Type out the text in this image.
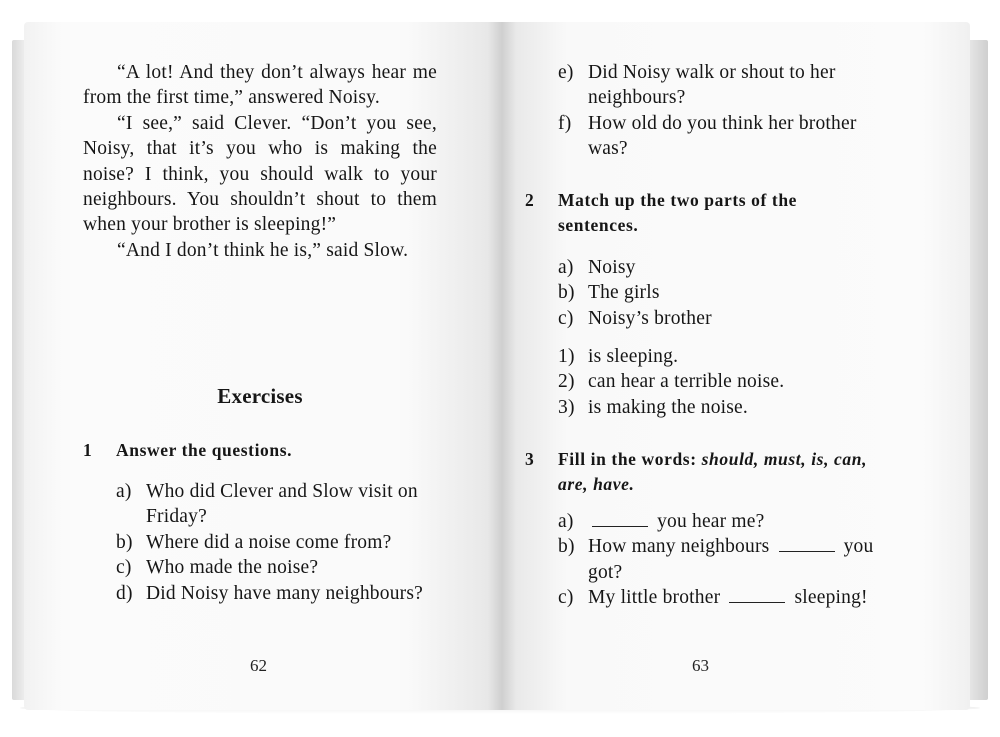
“A lot! And they don’t always hear me from the first time,” answered Noisy.

“I see,” said Clever. “Don’t you see, Noisy, that it’s you who is making the noise? I think, you should walk to your neighbours. You shouldn’t shout to them when your brother is sleeping!”

“And I don’t think he is,” said Slow.

Exercises

1	Answer the questions.

a) Who did Clever and Slow visit on Friday?

b) Where did a noise come from?

c) Who made the noise?

d) Did Noisy have many neighbours?

62

e) Did Noisy walk or shout to her neighbours?

f) How old do you think her brother was?

2	Match up the two parts of the sentences.

a) Noisy

b) The girls

c) Noisy’s brother

1) is sleeping.

2) can hear a terrible noise.

3) is making the noise.

3	Fill in the words: should, must, is, can, are, have.

a)	you hear me?

b) How many neighbours	you got?

c) My little brother	sleeping!

63
